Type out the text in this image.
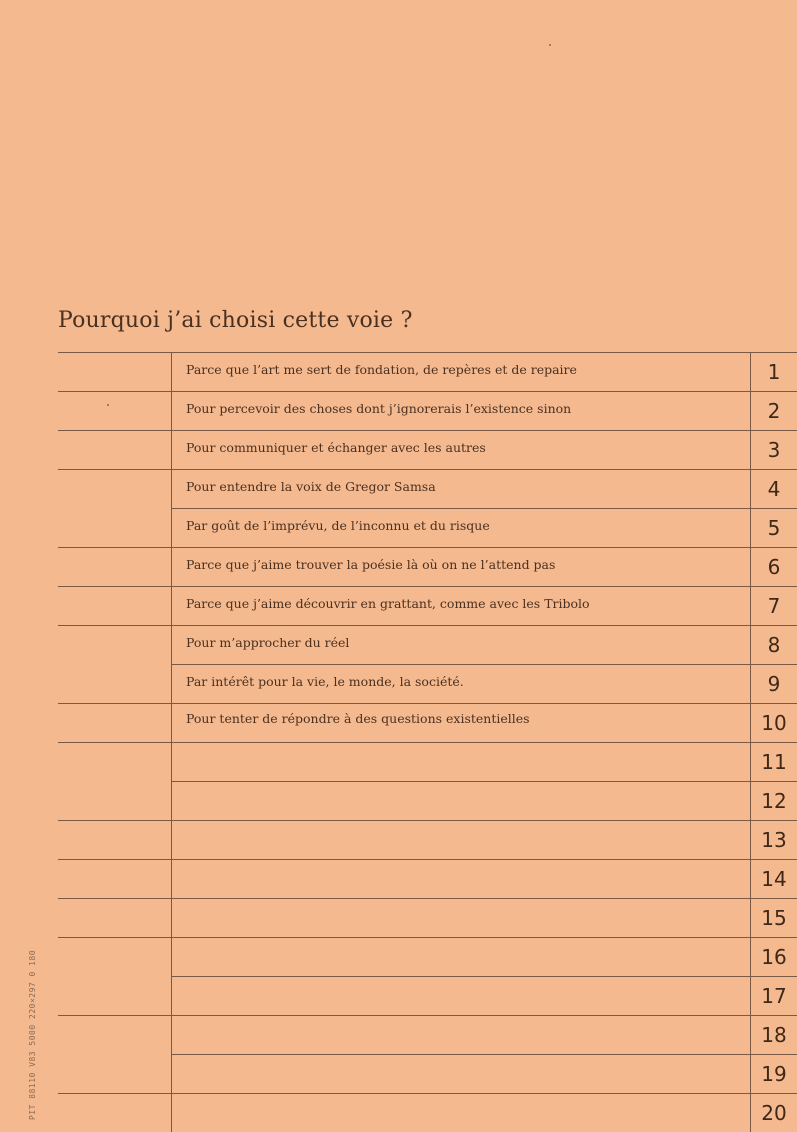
Pourquoi j’ai choisi cette voie ?
Parce que l’art me sert de fondation, de repères et de repaire	1
Pour percevoir des choses dont j’ignorerais l’existence sinon	2
Pour communiquer et échanger avec les autres	3
Pour entendre la voix de Gregor Samsa	4
Par goût de l’imprévu, de l’inconnu et du risque	5
Parce que j’aime trouver la poésie là où on ne l’attend pas	6
Parce que j’aime découvrir en grattant, comme avec les Tribolo	7
Pour m’approcher du réel	8
Par intérêt pour la vie, le monde, la société.	9
Pour tenter de répondre à des questions existentielles	10
11
12
13
14
15
16
17
18
19
20
PIT 88110 V83 5000 220×297 0 180
